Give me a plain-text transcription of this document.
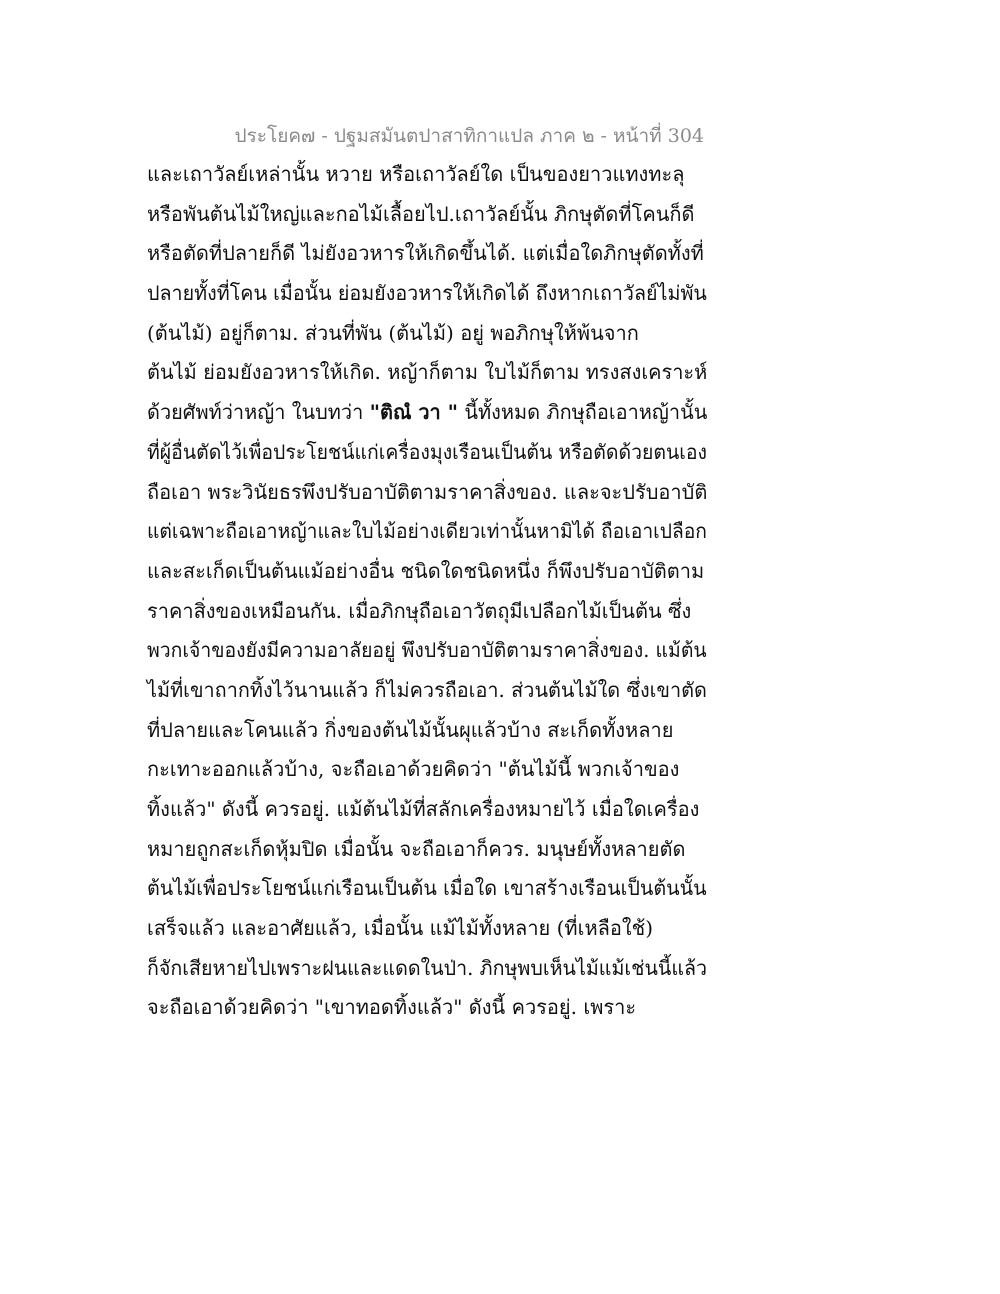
ประโยค๗ - ปฐมสมันตปาสาทิกาแปล ภาค ๒ - หน้าที่ 304
และเถาวัลย์เหล่านั้น หวาย หรือเถาวัลย์ใด เป็นของยาวแทงทะลุ
หรือพันต้นไม้ใหญ่และกอไม้เลื้อยไป.เถาวัลย์นั้น ภิกษุตัดที่โคนก็ดี
หรือตัดที่ปลายก็ดี ไม่ยังอวหารให้เกิดขึ้นได้. แต่เมื่อใดภิกษุตัดทั้งที่
ปลายทั้งที่โคน เมื่อนั้น ย่อมยังอวหารให้เกิดได้ ถึงหากเถาวัลย์ไม่พัน
(ต้นไม้) อยู่ก็ตาม. ส่วนที่พัน (ต้นไม้) อยู่ พอภิกษุให้พ้นจาก
ต้นไม้ ย่อมยังอวหารให้เกิด. หญ้าก็ตาม ใบไม้ก็ตาม ทรงสงเคราะห์
ด้วยศัพท์ว่าหญ้า ในบทว่า "ติณํ วา " นี้ทั้งหมด ภิกษุถือเอาหญ้านั้น
ที่ผู้อื่นตัดไว้เพื่อประโยชน์แก่เครื่องมุงเรือนเป็นต้น หรือตัดด้วยตนเอง
ถือเอา พระวินัยธรพึงปรับอาบัติตามราคาสิ่งของ. และจะปรับอาบัติ
แต่เฉพาะถือเอาหญ้าและใบไม้อย่างเดียวเท่านั้นหามิได้ ถือเอาเปลือก
และสะเก็ดเป็นต้นแม้อย่างอื่น ชนิดใดชนิดหนึ่ง ก็พึงปรับอาบัติตาม
ราคาสิ่งของเหมือนกัน. เมื่อภิกษุถือเอาวัตถุมีเปลือกไม้เป็นต้น ซึ่ง
พวกเจ้าของยังมีความอาลัยอยู่ พึงปรับอาบัติตามราคาสิ่งของ. แม้ต้น
ไม้ที่เขาถากทิ้งไว้นานแล้ว ก็ไม่ควรถือเอา. ส่วนต้นไม้ใด ซึ่งเขาตัด
ที่ปลายและโคนแล้ว กิ่งของต้นไม้นั้นผุแล้วบ้าง สะเก็ดทั้งหลาย
กะเทาะออกแล้วบ้าง, จะถือเอาด้วยคิดว่า "ต้นไม้นี้ พวกเจ้าของ
ทิ้งแล้ว" ดังนี้ ควรอยู่. แม้ต้นไม้ที่สลักเครื่องหมายไว้ เมื่อใดเครื่อง
หมายถูกสะเก็ดหุ้มปิด เมื่อนั้น จะถือเอาก็ควร. มนุษย์ทั้งหลายตัด
ต้นไม้เพื่อประโยชน์แก่เรือนเป็นต้น เมื่อใด เขาสร้างเรือนเป็นต้นนั้น
เสร็จแล้ว และอาศัยแล้ว, เมื่อนั้น แม้ไม้ทั้งหลาย (ที่เหลือใช้)
ก็จักเสียหายไปเพราะฝนและแดดในป่า. ภิกษุพบเห็นไม้แม้เช่นนี้แล้ว
จะถือเอาด้วยคิดว่า "เขาทอดทิ้งแล้ว" ดังนี้ ควรอยู่. เพราะ
